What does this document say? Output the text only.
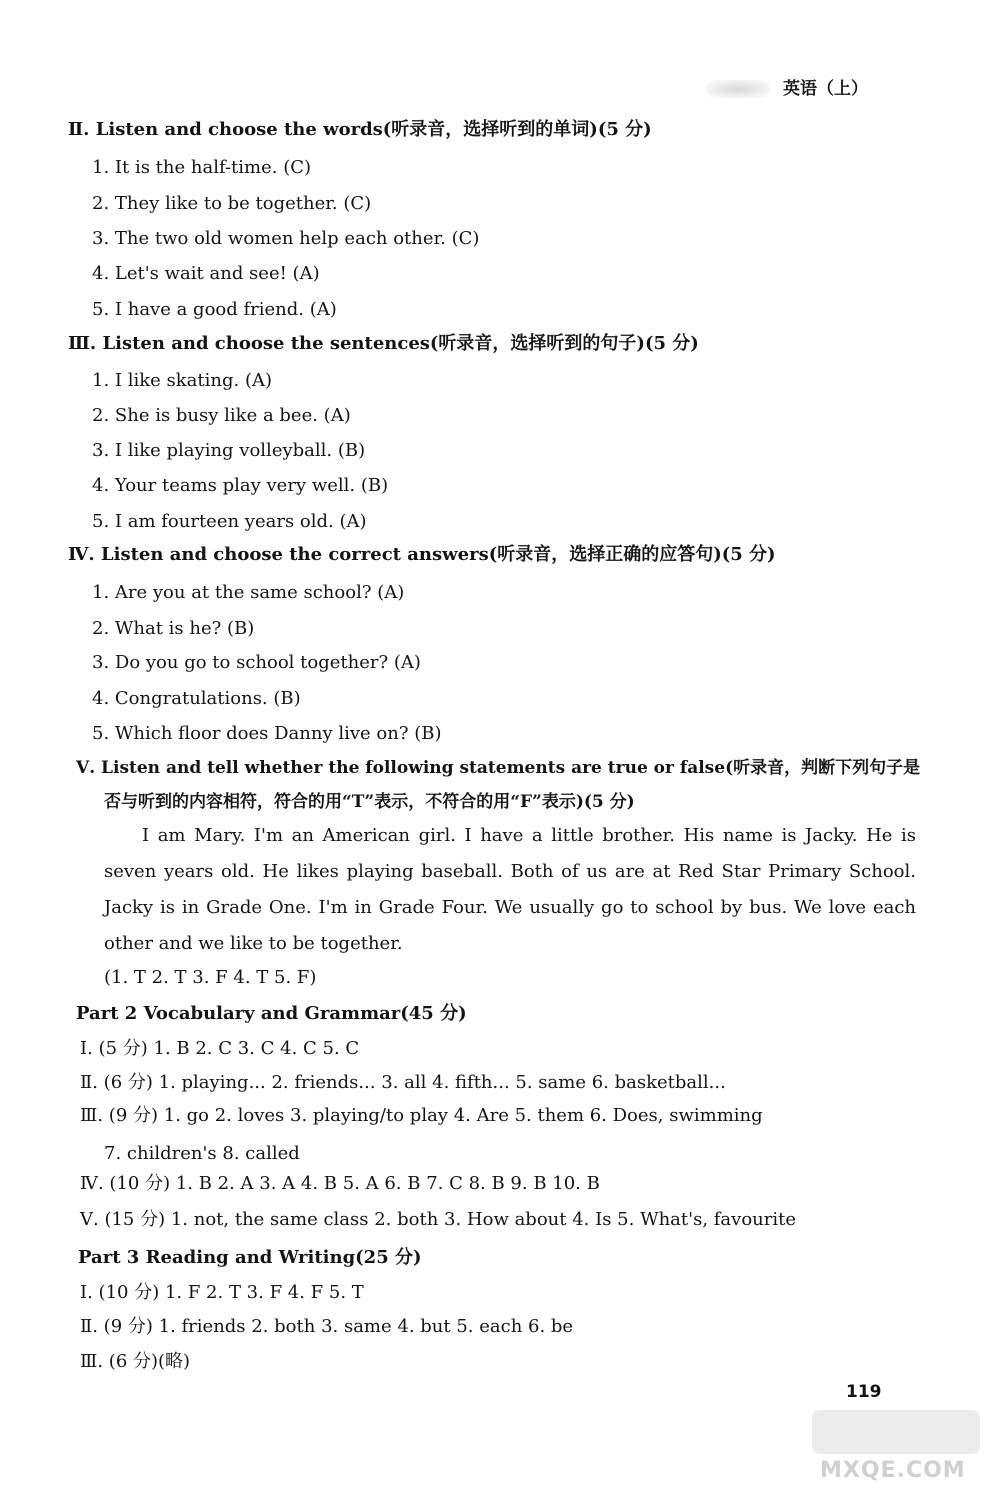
英语（上）
Ⅱ. Listen and choose the words(听录音，选择听到的单词)(5 分)
1. It is the half-time. (C)
2. They like to be together. (C)
3. The two old women help each other. (C)
4. Let's wait and see! (A)
5. I have a good friend. (A)
Ⅲ. Listen and choose the sentences(听录音，选择听到的句子)(5 分)
1. I like skating. (A)
2. She is busy like a bee. (A)
3. I like playing volleyball. (B)
4. Your teams play very well. (B)
5. I am fourteen years old. (A)
Ⅳ. Listen and choose the correct answers(听录音，选择正确的应答句)(5 分)
1. Are you at the same school? (A)
2. What is he? (B)
3. Do you go to school together? (A)
4. Congratulations. (B)
5. Which floor does Danny live on? (B)
Ⅴ. Listen and tell whether the following statements are true or false(听录音，判断下列句子是
否与听到的内容相符，符合的用“T”表示，不符合的用“F”表示)(5 分)
I am Mary. I'm an American girl. I have a little brother. His name is Jacky. He is seven years old. He likes playing baseball. Both of us are at Red Star Primary School. Jacky is in Grade One. I'm in Grade Four. We usually go to school by bus. We love each other and we like to be together.
(1. T 2. T 3. F 4. T 5. F)
Part 2 Vocabulary and Grammar(45 分)
Ⅰ. (5 分) 1. B 2. C 3. C 4. C 5. C
Ⅱ. (6 分) 1. playing... 2. friends... 3. all 4. fifth... 5. same 6. basketball...
Ⅲ. (9 分) 1. go 2. loves 3. playing/to play 4. Are 5. them 6. Does, swimming
7. children's 8. called
Ⅳ. (10 分) 1. B 2. A 3. A 4. B 5. A 6. B 7. C 8. B 9. B 10. B
Ⅴ. (15 分) 1. not, the same class 2. both 3. How about 4. Is 5. What's, favourite
Part 3 Reading and Writing(25 分)
Ⅰ. (10 分) 1. F 2. T 3. F 4. F 5. T
Ⅱ. (9 分) 1. friends 2. both 3. same 4. but 5. each 6. be
Ⅲ. (6 分)(略)
119
MXQE.COM
